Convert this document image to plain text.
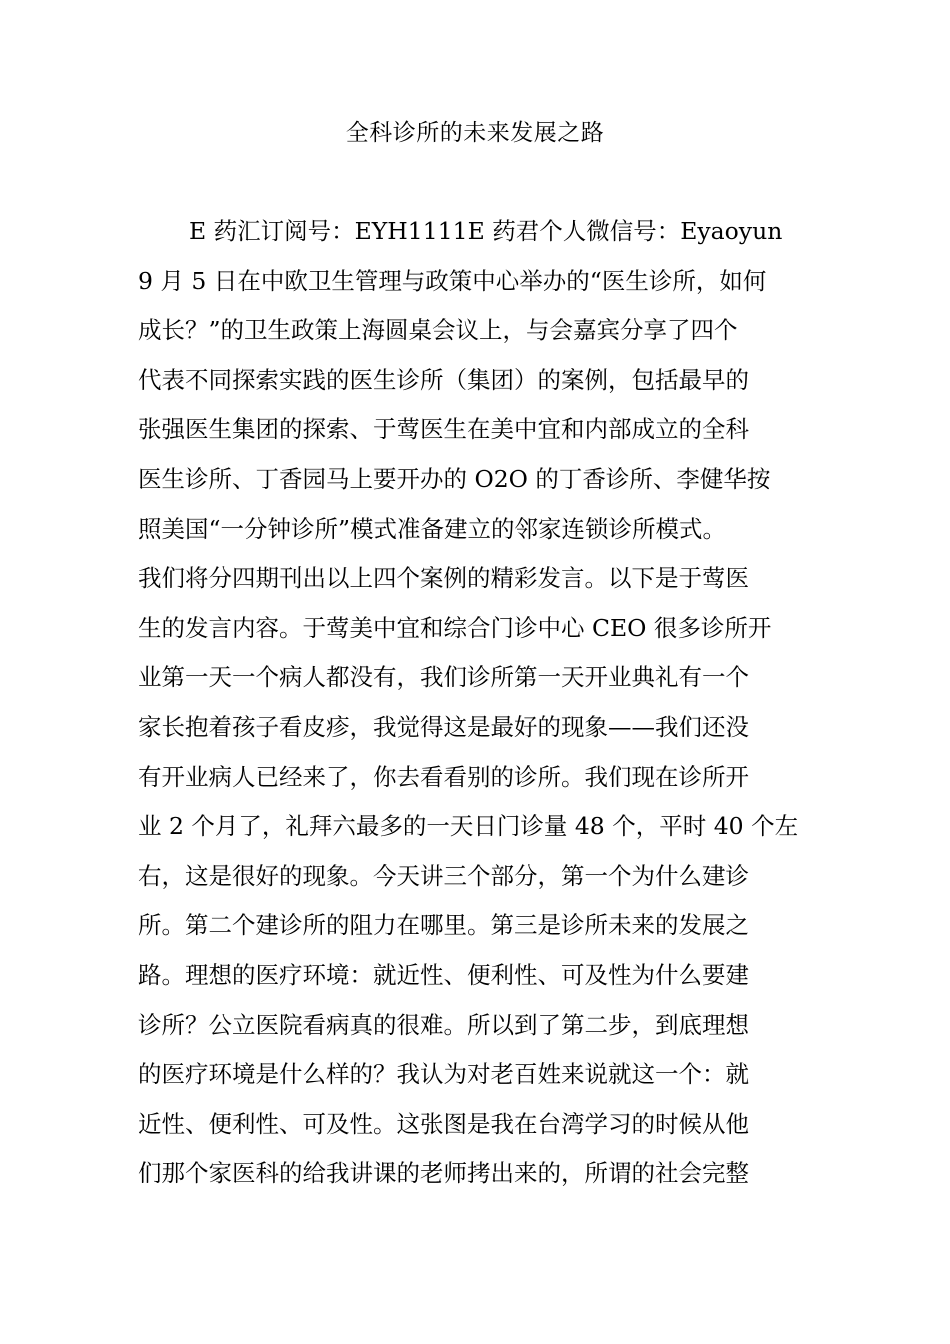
全科诊所的未来发展之路
E 药汇订阅号：EYH1111E 药君个人微信号：Eyaoyun
9 月 5 日在中欧卫生管理与政策中心举办的“医生诊所，如何
成长？”的卫生政策上海圆桌会议上，与会嘉宾分享了四个
代表不同探索实践的医生诊所（集团）的案例，包括最早的
张强医生集团的探索、于莺医生在美中宜和内部成立的全科
医生诊所、丁香园马上要开办的 O2O 的丁香诊所、李健华按
照美国“一分钟诊所”模式准备建立的邻家连锁诊所模式。
我们将分四期刊出以上四个案例的精彩发言。以下是于莺医
生的发言内容。于莺美中宜和综合门诊中心 CEO 很多诊所开
业第一天一个病人都没有，我们诊所第一天开业典礼有一个
家长抱着孩子看皮疹，我觉得这是最好的现象——我们还没
有开业病人已经来了，你去看看别的诊所。我们现在诊所开
业 2 个月了，礼拜六最多的一天日门诊量 48 个，平时 40 个左
右，这是很好的现象。今天讲三个部分，第一个为什么建诊
所。第二个建诊所的阻力在哪里。第三是诊所未来的发展之
路。理想的医疗环境：就近性、便利性、可及性为什么要建
诊所？公立医院看病真的很难。所以到了第二步，到底理想
的医疗环境是什么样的？我认为对老百姓来说就这一个：就
近性、便利性、可及性。这张图是我在台湾学习的时候从他
们那个家医科的给我讲课的老师拷出来的，所谓的社会完整
